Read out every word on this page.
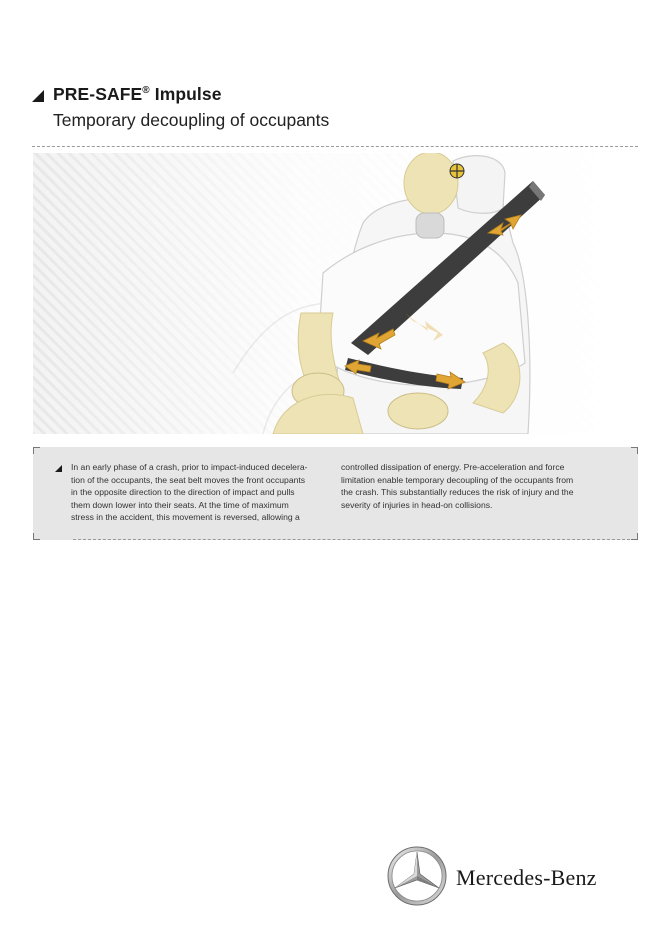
PRE-SAFE® Impulse
Temporary decoupling of occupants

In an early phase of a crash, prior to impact-induced decelera-

tion of the occupants, the seat belt moves the front occupants

in the opposite direction to the direction of impact and pulls

them down lower into their seats. At the time of maximum

stress in the accident, this movement is reversed, allowing a

controlled dissipation of energy. Pre-acceleration and force

limitation enable temporary decoupling of the occupants from

the crash. This substantially reduces the risk of injury and the

severity of injuries in head-on collisions.

Mercedes-Benz
